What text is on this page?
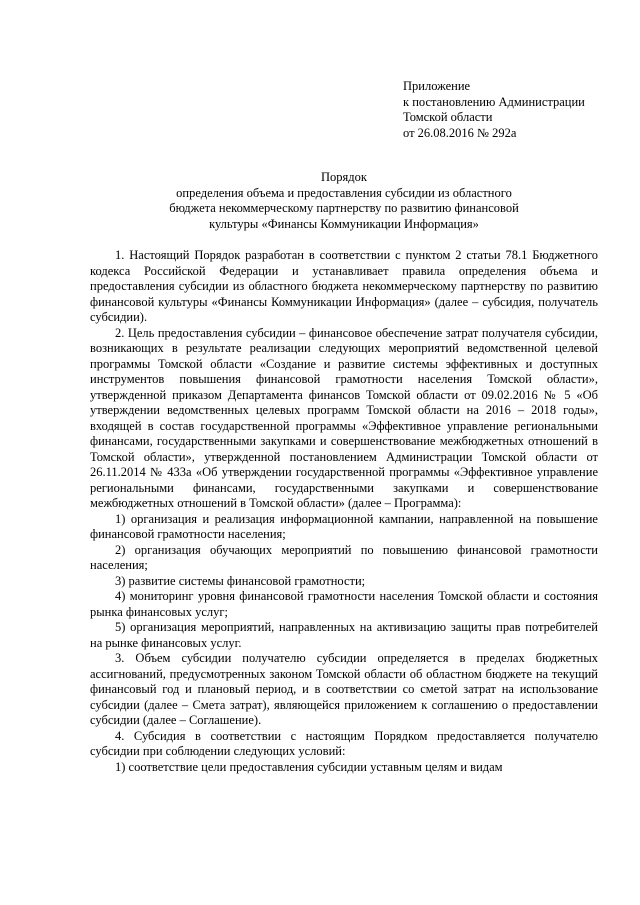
Приложение
к постановлению Администрации
Томской области
от 26.08.2016 № 292а
Порядок
определения объема и предоставления субсидии из областного
бюджета некоммерческому партнерству по развитию финансовой
культуры «Финансы Коммуникации Информация»

1. Настоящий Порядок разработан в соответствии с пунктом 2 статьи 78.1 Бюджетного кодекса Российской Федерации и устанавливает правила определения объема и предоставления субсидии из областного бюджета некоммерческому партнерству по развитию финансовой культуры «Финансы Коммуникации Информация» (далее – субсидия, получатель субсидии).

2. Цель предоставления субсидии – финансовое обеспечение затрат получателя субсидии, возникающих в результате реализации следующих мероприятий ведомственной целевой программы Томской области «Создание и развитие системы эффективных и доступных инструментов повышения финансовой грамотности населения Томской области», утвержденной приказом Департамента финансов Томской области от 09.02.2016 № 5 «Об утверждении ведомственных целевых программ Томской области на 2016 – 2018 годы», входящей в состав государственной программы «Эффективное управление региональными финансами, государственными закупками и совершенствование межбюджетных отношений в Томской области», утвержденной постановлением Администрации Томской области от 26.11.2014 № 433а «Об утверждении государственной программы «Эффективное управление региональными финансами, государственными закупками и совершенствование межбюджетных отношений в Томской области» (далее – Программа):

1) организация и реализация информационной кампании, направленной на повышение финансовой грамотности населения;

2) организация обучающих мероприятий по повышению финансовой грамотности населения;

3) развитие системы финансовой грамотности;

4) мониторинг уровня финансовой грамотности населения Томской области и состояния рынка финансовых услуг;

5) организация мероприятий, направленных на активизацию защиты прав потребителей на рынке финансовых услуг.

3. Объем субсидии получателю субсидии определяется в пределах бюджетных ассигнований, предусмотренных законом Томской области об областном бюджете на текущий финансовый год и плановый период, и в соответствии со сметой затрат на использование субсидии (далее – Смета затрат), являющейся приложением к соглашению о предоставлении субсидии (далее – Соглашение).

4. Субсидия в соответствии с настоящим Порядком предоставляется получателю субсидии при соблюдении следующих условий:

1) соответствие цели предоставления субсидии уставным целям и видам
